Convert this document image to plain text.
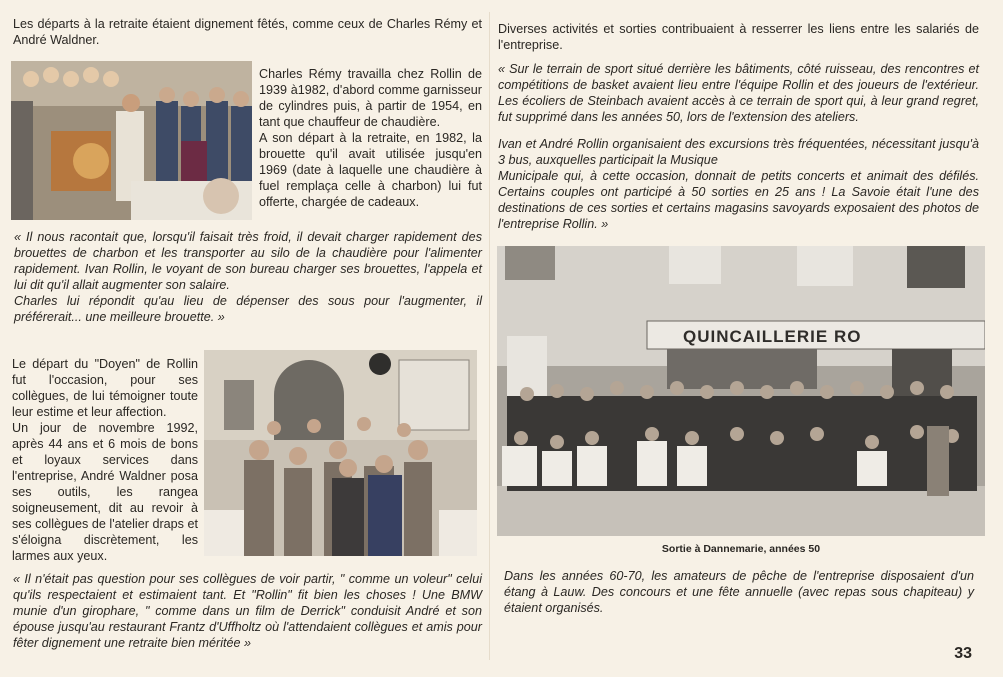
Les départs à la retraite étaient dignement fêtés, comme ceux de Charles Rémy et André Waldner.

Charles Rémy travailla chez Rollin de 1939 à1982, d'abord comme garnisseur de cylindres puis, à partir de 1954, en tant que chauffeur de chaudière.

A son départ à la retraite, en 1982, la brouette qu'il avait utilisée jusqu'en 1969 (date à laquelle une chaudière à fuel remplaça celle à charbon) lui fut offerte, chargée de cadeaux.

« Il nous racontait que, lorsqu'il faisait très froid, il devait charger rapidement des brouettes de charbon et les transporter au silo de la chaudière pour l'alimenter rapidement. Ivan Rollin, le voyant de son bureau charger ses brouettes, l'appela et lui dit qu'il allait augmenter son salaire.

Charles lui répondit qu'au lieu de dépenser des sous pour l'augmenter, il préférerait... une meilleure brouette. »

Le départ du "Doyen" de Rollin fut l'occasion, pour ses collègues, de lui témoigner toute leur estime et leur affection.

Un jour de novembre 1992, après 44 ans et 6 mois de bons et loyaux services dans l'entreprise, André Waldner posa ses outils, les rangea soigneusement, dit au revoir à ses collègues de l'atelier draps et s'éloigna discrètement, les larmes aux yeux.

« Il n'était pas question pour ses collègues de voir partir, " comme un voleur" celui qu'ils respectaient et estimaient tant. Et "Rollin" fit bien les choses ! Une BMW munie d'un girophare, " comme dans un film de Derrick" conduisit André et son épouse jusqu'au restaurant Frantz d'Uffholtz où l'attendaient collègues et amis pour fêter dignement une retraite bien méritée »

Diverses activités et sorties contribuaient à resserrer les liens entre les salariés de l'entreprise.

« Sur le terrain de sport situé derrière les bâtiments, côté ruisseau, des rencontres et compétitions de basket avaient lieu entre l'équipe Rollin et des joueurs de l'extérieur. Les écoliers de Steinbach avaient accès à ce terrain de sport qui, à leur grand regret, fut supprimé dans les années 50, lors de l'extension des ateliers.

Ivan et André Rollin organisaient des excursions très fréquentées, nécessitant jusqu'à 3 bus, auxquelles participait la Musique

Municipale qui, à cette occasion, donnait de petits concerts et animait des défilés. Certains couples ont participé à 50 sorties en 25 ans ! La Savoie était l'une des destinations de ces sorties et certains magasins savoyards exposaient des photos de l'entreprise Rollin. »

QUINCAILLERIE RO

Sortie à Dannemarie, années 50

Dans les années 60-70, les amateurs de pêche de l'entreprise disposaient d'un étang à Lauw. Des concours et une fête annuelle (avec repas sous chapiteau) y étaient organisés.

33
